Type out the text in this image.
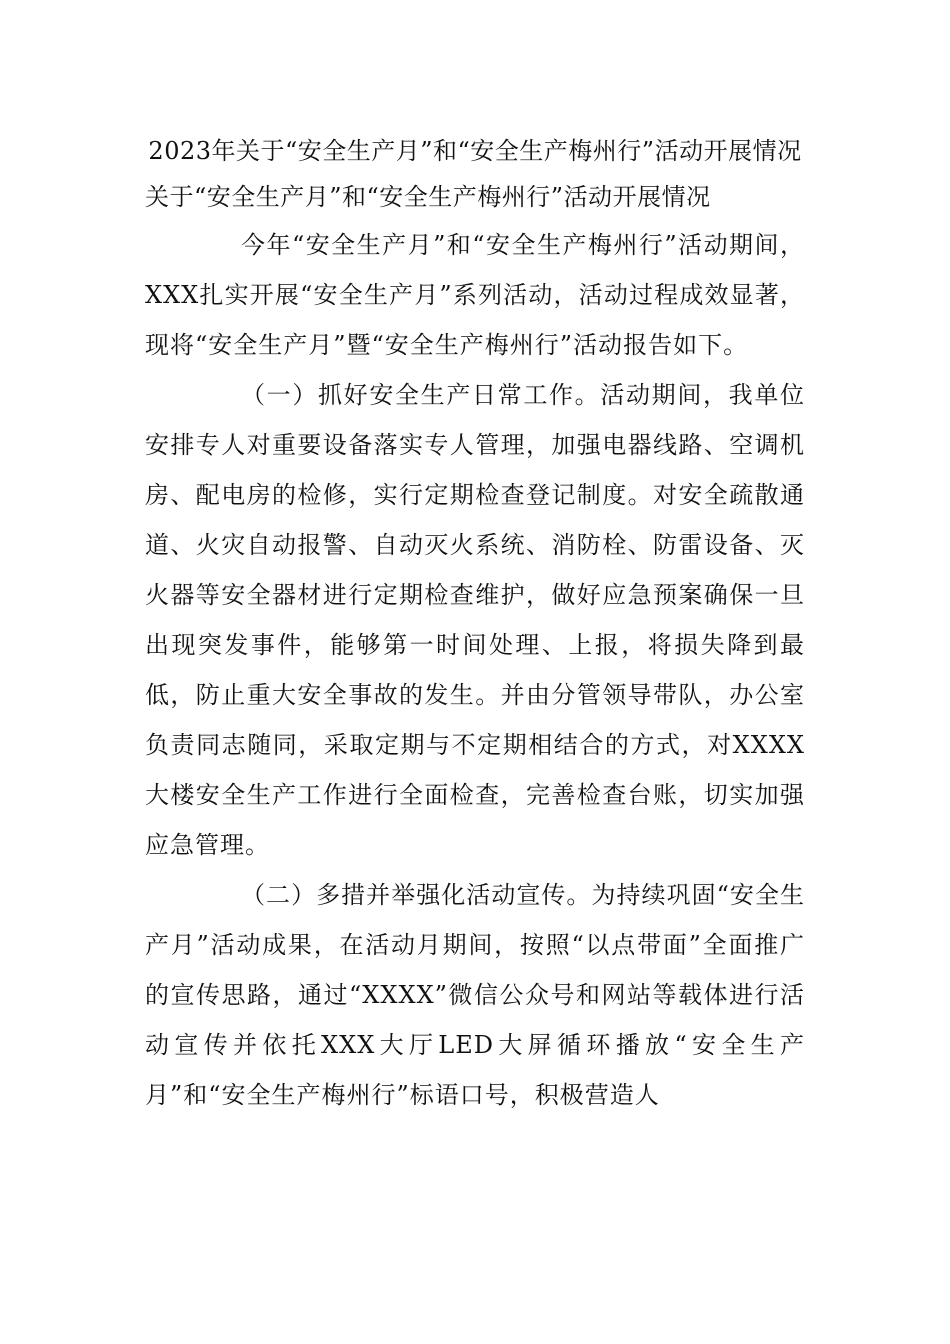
2023年关于“安全生产月”和“安全生产梅州行”活动开展情况

关于“安全生产月”和“安全生产梅州行”活动开展情况

今年“安全生产月”和“安全生产梅州行”活动期间，XXX扎实开展“安全生产月”系列活动，活动过程成效显著，现将“安全生产月”暨“安全生产梅州行”活动报告如下。

（一）抓好安全生产日常工作。活动期间，我单位安排专人对重要设备落实专人管理，加强电器线路、空调机房、配电房的检修，实行定期检查登记制度。对安全疏散通道、火灾自动报警、自动灭火系统、消防栓、防雷设备、灭火器等安全器材进行定期检查维护，做好应急预案确保一旦出现突发事件，能够第一时间处理、上报，将损失降到最低，防止重大安全事故的发生。并由分管领导带队，办公室负责同志随同，采取定期与不定期相结合的方式，对XXXX大楼安全生产工作进行全面检查，完善检查台账，切实加强应急管理。

（二）多措并举强化活动宣传。为持续巩固“安全生产月”活动成果，在活动月期间，按照“以点带面”全面推广的宣传思路，通过“XXXX”微信公众号和网站等载体进行活动宣传并依托XXX大厅LED大屏循环播放“安全生产月”和“安全生产梅州行”标语口号，积极营造人
